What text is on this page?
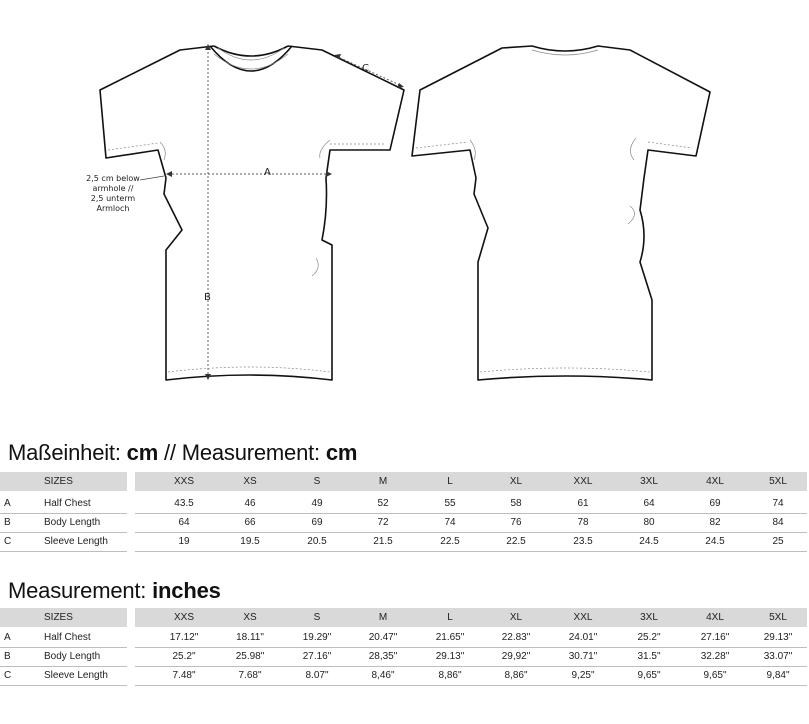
A
B
C
2,5 cm below
armhole //
2,5 unterm
Armloch
Maßeinheit: cm // Measurement: cm
SIZES	XXS	XS	S	M	L	XL	XXL	3XL	4XL	5XL
A	Half Chest	43.5	46	49	52	55	58	61	64	69	74
B	Body Length	64	66	69	72	74	76	78	80	82	84
C	Sleeve Length	19	19.5	20.5	21.5	22.5	22.5	23.5	24.5	24.5	25
Measurement: inches
SIZES	XXS	XS	S	M	L	XL	XXL	3XL	4XL	5XL
A	Half Chest	17.12"	18.11"	19.29"	20.47"	21.65"	22.83"	24.01"	25.2"	27.16"	29.13"
B	Body Length	25.2"	25.98"	27.16"	28,35"	29.13"	29,92"	30.71"	31.5"	32.28"	33.07"
C	Sleeve Length	7.48"	7.68"	8.07"	8,46"	8,86"	8,86"	9,25"	9,65"	9,65"	9,84"
